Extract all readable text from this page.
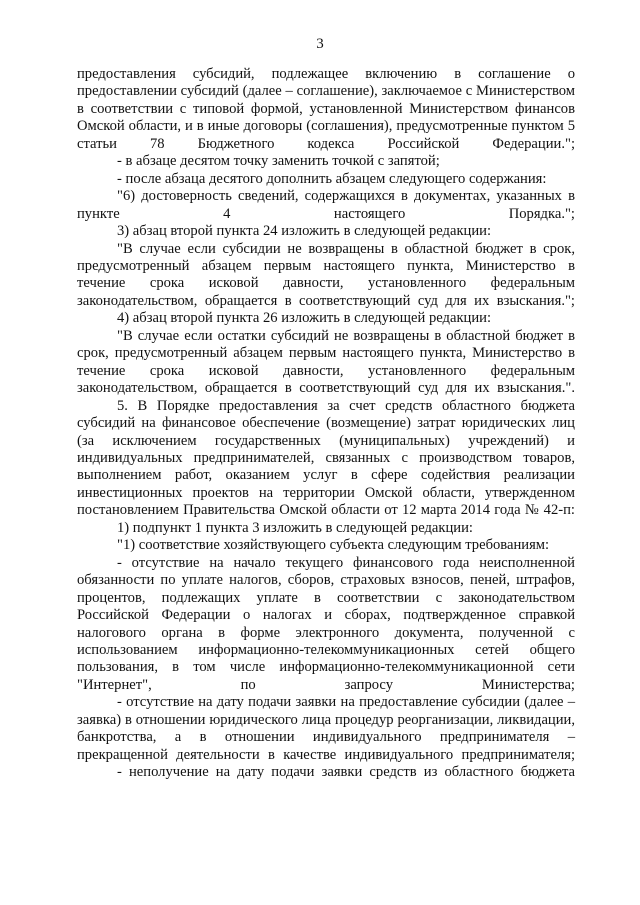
3

предоставления субсидий, подлежащее включению в соглашение о предоставлении субсидий (далее – соглашение), заключаемое с Министерством в соответствии с типовой формой, установленной Министерством финансов Омской области, и в иные договоры (соглашения), предусмотренные пунктом 5 статьи 78 Бюджетного кодекса Российской Федерации.";

- в абзаце десятом точку заменить точкой с запятой;

- после абзаца десятого дополнить абзацем следующего содержания:

"6) достоверность сведений, содержащихся в документах, указанных в пункте 4 настоящего Порядка.";

3) абзац второй пункта 24 изложить в следующей редакции:

"В случае если субсидии не возвращены в областной бюджет в срок, предусмотренный абзацем первым настоящего пункта, Министерство в течение срока исковой давности, установленного федеральным законодательством, обращается в соответствующий суд для их взыскания.";

4) абзац второй пункта 26 изложить в следующей редакции:

"В случае если остатки субсидий не возвращены в областной бюджет в срок, предусмотренный абзацем первым настоящего пункта, Министерство в течение срока исковой давности, установленного федеральным законодательством, обращается в соответствующий суд для их взыскания.".

5. В Порядке предоставления за счет средств областного бюджета субсидий на финансовое обеспечение (возмещение) затрат юридических лиц (за исключением государственных (муниципальных) учреждений) и индивидуальных предпринимателей, связанных с производством товаров, выполнением работ, оказанием услуг в сфере содействия реализации инвестиционных проектов на территории Омской области, утвержденном постановлением Правительства Омской области от 12 марта 2014 года № 42-п:

1) подпункт 1 пункта 3 изложить в следующей редакции:

"1) соответствие хозяйствующего субъекта следующим требованиям:

- отсутствие на начало текущего финансового года неисполненной обязанности по уплате налогов, сборов, страховых взносов, пеней, штрафов, процентов, подлежащих уплате в соответствии с законодательством Российской Федерации о налогах и сборах, подтвержденное справкой налогового органа в форме электронного документа, полученной с использованием информационно-телекоммуникационных сетей общего пользования, в том числе информационно-телекоммуникационной сети "Интернет", по запросу Министерства;

- отсутствие на дату подачи заявки на предоставление субсидии (далее – заявка) в отношении юридического лица процедур реорганизации, ликвидации, банкротства, а в отношении индивидуального предпринимателя – прекращенной деятельности в качестве индивидуального предпринимателя;

- неполучение на дату подачи заявки средств из областного бюджета
